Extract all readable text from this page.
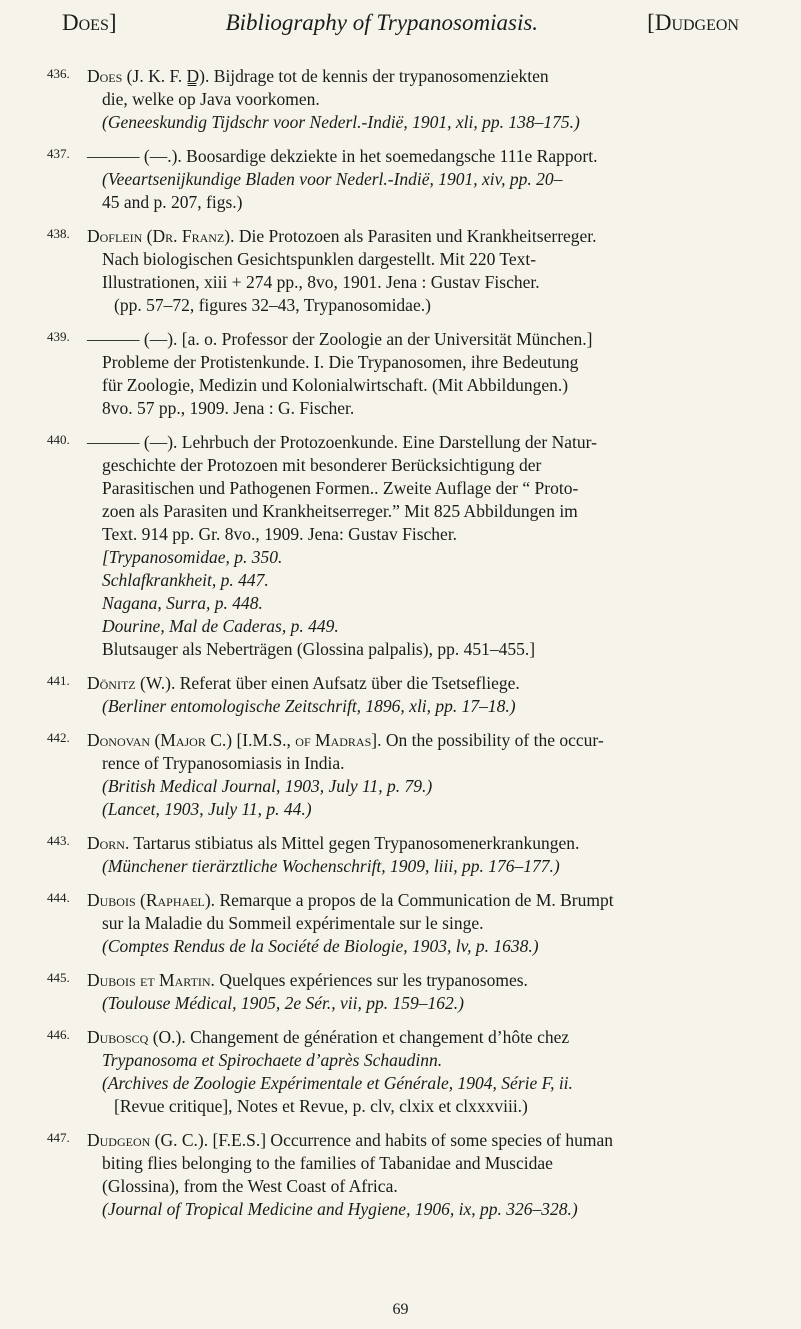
Does]	Bibliography of Trypanosomiasis.	[Dudgeon
436. Does (J. K. F. D̳). Bijdrage tot de kennis der trypanosomenziekten
die, welke op Java voorkomen.
(Geneeskundig Tijdschr voor Nederl.-Indië, 1901, xli, pp. 138–175.)
437. ——— (—.). Boosardige dekziekte in het soemedangsche 111e Rapport.
(Veeartsenijkundige Bladen voor Nederl.-Indië, 1901, xiv, pp. 20–
45 and p. 207, figs.)
438. Doflein (Dr. Franz). Die Protozoen als Parasiten und Krankheitserreger.
Nach biologischen Gesichtspunklen dargestellt. Mit 220 Text-
Illustrationen, xiii + 274 pp., 8vo, 1901. Jena : Gustav Fischer.
(pp. 57–72, figures 32–43, Trypanosomidae.)
439. ——— (—). [a. o. Professor der Zoologie an der Universität München.]
Probleme der Protistenkunde. I. Die Trypanosomen, ihre Bedeutung
für Zoologie, Medizin und Kolonialwirtschaft. (Mit Abbildungen.)
8vo. 57 pp., 1909. Jena : G. Fischer.
440. ——— (—). Lehrbuch der Protozoenkunde. Eine Darstellung der Natur-
geschichte der Protozoen mit besonderer Berücksichtigung der
Parasitischen und Pathogenen Formen.. Zweite Auflage der “ Proto-
zoen als Parasiten und Krankheitserreger.” Mit 825 Abbildungen im
Text. 914 pp. Gr. 8vo., 1909. Jena: Gustav Fischer.
[Trypanosomidae, p. 350.
Schlafkrankheit, p. 447.
Nagana, Surra, p. 448.
Dourine, Mal de Caderas, p. 449.
Blutsauger als Neberträgen (Glossina palpalis), pp. 451–455.]
441. Dönitz (W.). Referat über einen Aufsatz über die Tsetsefliege.
(Berliner entomologische Zeitschrift, 1896, xli, pp. 17–18.)
442. Donovan (Major C.) [I.M.S., of Madras]. On the possibility of the occur-
rence of Trypanosomiasis in India.
(British Medical Journal, 1903, July 11, p. 79.)
(Lancet, 1903, July 11, p. 44.)
443. Dorn. Tartarus stibiatus als Mittel gegen Trypanosomenerkrankungen.
(Münchener tierärztliche Wochenschrift, 1909, liii, pp. 176–177.)
444. Dubois (Raphael). Remarque a propos de la Communication de M. Brumpt
sur la Maladie du Sommeil expérimentale sur le singe.
(Comptes Rendus de la Société de Biologie, 1903, lv, p. 1638.)
445. Dubois et Martin. Quelques expériences sur les trypanosomes.
(Toulouse Médical, 1905, 2e Sér., vii, pp. 159–162.)
446. Duboscq (O.). Changement de génération et changement d’hôte chez
Trypanosoma et Spirochaete d’après Schaudinn.
(Archives de Zoologie Expérimentale et Générale, 1904, Série F, ii.
[Revue critique], Notes et Revue, p. clv, clxix et clxxxviii.)
447. Dudgeon (G. C.). [F.E.S.] Occurrence and habits of some species of human
biting flies belonging to the families of Tabanidae and Muscidae
(Glossina), from the West Coast of Africa.
(Journal of Tropical Medicine and Hygiene, 1906, ix, pp. 326–328.)
69
